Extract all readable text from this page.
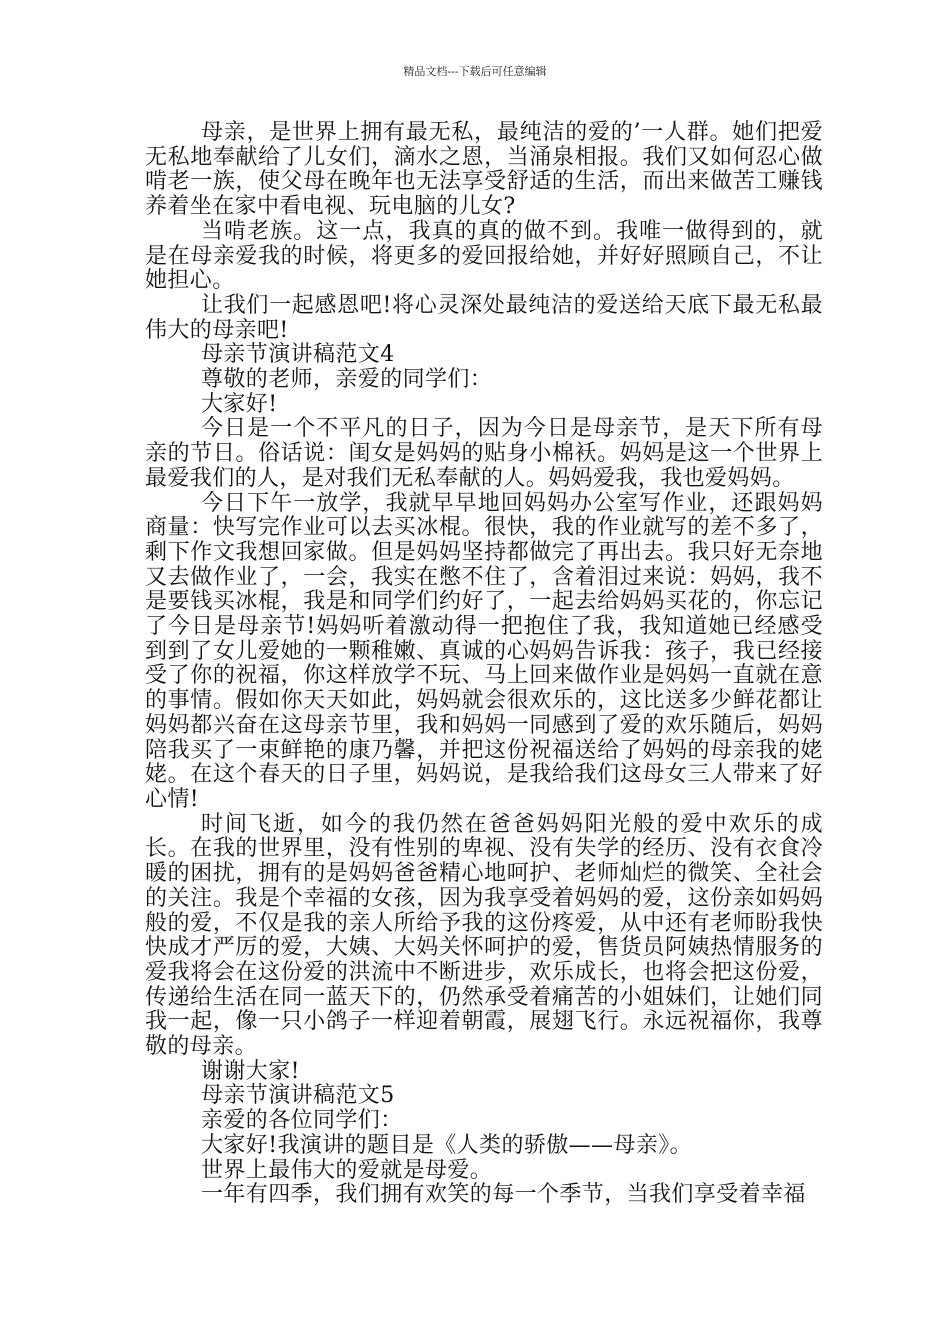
精品文档---下载后可任意编辑

母亲，是世界上拥有最无私，最纯洁的爱的’一人群。她们把爱无私地奉献给了儿女们，滴水之恩，当涌泉相报。我们又如何忍心做啃老一族，使父母在晚年也无法享受舒适的生活，而出来做苦工赚钱养着坐在家中看电视、玩电脑的儿女?

当啃老族。这一点，我真的真的做不到。我唯一做得到的，就是在母亲爱我的时候，将更多的爱回报给她，并好好照顾自己，不让她担心。

让我们一起感恩吧!将心灵深处最纯洁的爱送给天底下最无私最伟大的母亲吧!

母亲节演讲稿范文4

尊敬的老师，亲爱的同学们：

大家好!

今日是一个不平凡的日子，因为今日是母亲节，是天下所有母亲的节日。俗话说：闺女是妈妈的贴身小棉袄。妈妈是这一个世界上最爱我们的人，是对我们无私奉献的人。妈妈爱我，我也爱妈妈。

今日下午一放学，我就早早地回妈妈办公室写作业，还跟妈妈商量：快写完作业可以去买冰棍。很快，我的作业就写的差不多了，剩下作文我想回家做。但是妈妈坚持都做完了再出去。我只好无奈地又去做作业了，一会，我实在憋不住了，含着泪过来说：妈妈，我不是要钱买冰棍，我是和同学们约好了，一起去给妈妈买花的，你忘记了今日是母亲节!妈妈听着激动得一把抱住了我，我知道她已经感受到到了女儿爱她的一颗稚嫩、真诚的心妈妈告诉我：孩子，我已经接受了你的祝福，你这样放学不玩、马上回来做作业是妈妈一直就在意的事情。假如你天天如此，妈妈就会很欢乐的，这比送多少鲜花都让妈妈都兴奋在这母亲节里，我和妈妈一同感到了爱的欢乐随后，妈妈陪我买了一束鲜艳的康乃馨，并把这份祝福送给了妈妈的母亲我的姥姥。在这个春天的日子里，妈妈说，是我给我们这母女三人带来了好心情!

时间飞逝，如今的我仍然在爸爸妈妈阳光般的爱中欢乐的成长。在我的世界里，没有性别的卑视、没有失学的经历、没有衣食冷暖的困扰，拥有的是妈妈爸爸精心地呵护、老师灿烂的微笑、全社会的关注。我是个幸福的女孩，因为我享受着妈妈的爱，这份亲如妈妈般的爱，不仅是我的亲人所给予我的这份疼爱，从中还有老师盼我快快成才严厉的爱，大姨、大妈关怀呵护的爱，售货员阿姨热情服务的爱我将会在这份爱的洪流中不断进步，欢乐成长，也将会把这份爱，传递给生活在同一蓝天下的，仍然承受着痛苦的小姐妹们，让她们同我一起，像一只小鸽子一样迎着朝霞，展翅飞行。永远祝福你，我尊敬的母亲。

谢谢大家!

母亲节演讲稿范文5

亲爱的各位同学们：

大家好!我演讲的题目是《人类的骄傲——母亲》。

世界上最伟大的爱就是母爱。

一年有四季，我们拥有欢笑的每一个季节，当我们享受着幸福
